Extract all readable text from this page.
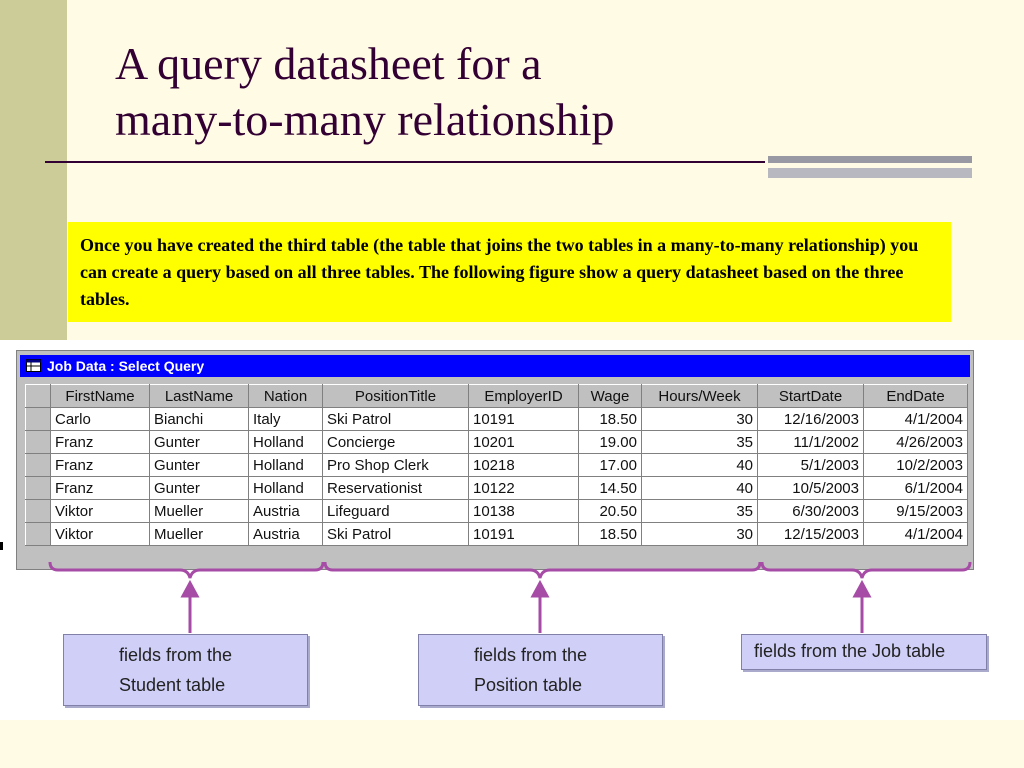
A query datasheet for a
many-to-many relationship
Once you have created the third table (the table that joins the two tables in a many-to-many relationship) you can create a query based on all three tables. The following figure show a query datasheet based on the three tables.
Job Data : Select Query
	FirstName	LastName	Nation	PositionTitle	EmployerID	Wage	Hours/Week	StartDate	EndDate
	Carlo	Bianchi	Italy	Ski Patrol	10191	18.50	30	12/16/2003	4/1/2004
	Franz	Gunter	Holland	Concierge	10201	19.00	35	11/1/2002	4/26/2003
	Franz	Gunter	Holland	Pro Shop Clerk	10218	17.00	40	5/1/2003	10/2/2003
	Franz	Gunter	Holland	Reservationist	10122	14.50	40	10/5/2003	6/1/2004
	Viktor	Mueller	Austria	Lifeguard	10138	20.50	35	6/30/2003	9/15/2003
	Viktor	Mueller	Austria	Ski Patrol	10191	18.50	30	12/15/2003	4/1/2004
fields from the
Student table
fields from the
Position table
fields from the Job table
